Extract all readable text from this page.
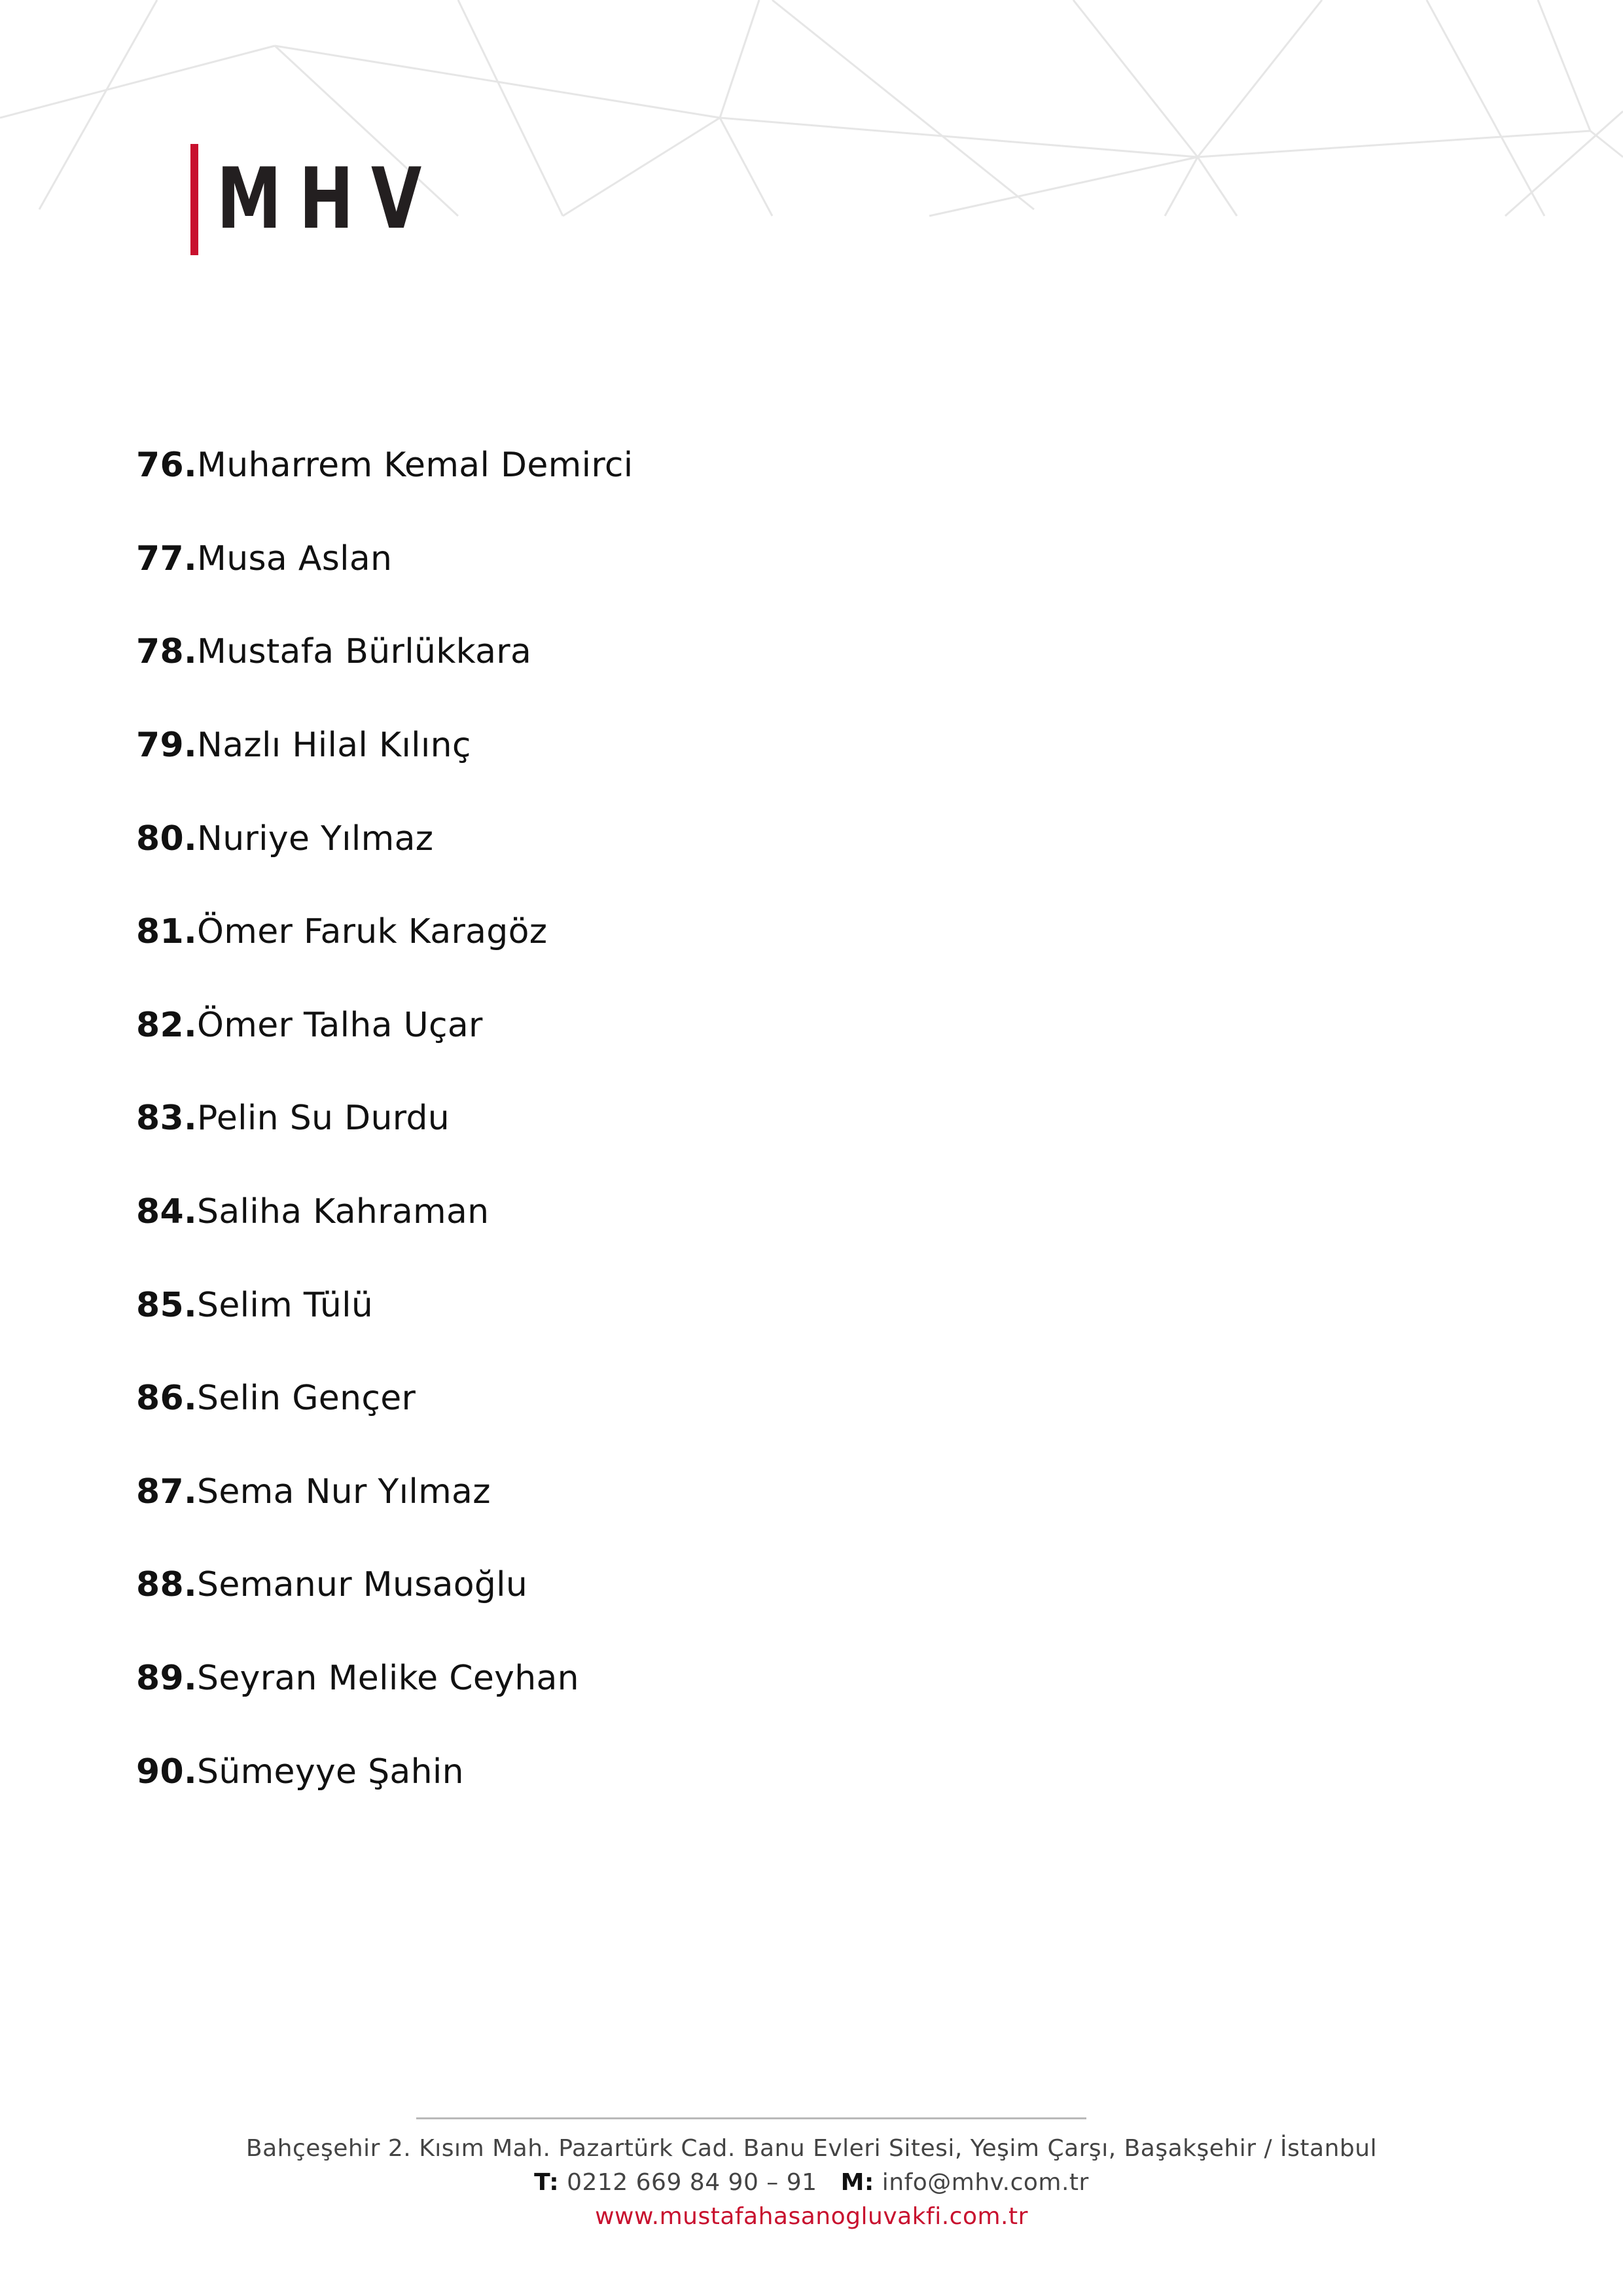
MHV
76. Muharrem Kemal Demirci
77. Musa Aslan
78. Mustafa Bürlükkara
79. Nazlı Hilal Kılınç
80. Nuriye Yılmaz
81. Ömer Faruk Karagöz
82. Ömer Talha Uçar
83. Pelin Su Durdu
84. Saliha Kahraman
85. Selim Tülü
86. Selin Gençer
87. Sema Nur Yılmaz
88. Semanur Musaoğlu
89. Seyran Melike Ceyhan
90. Sümeyye Şahin
Bahçeşehir 2. Kısım Mah. Pazartürk Cad. Banu Evleri Sitesi, Yeşim Çarşı, Başakşehir / İstanbul
T: 0212 669 84 90 – 91 M: info@mhv.com.tr
www.mustafahasanogluvakfi.com.tr
